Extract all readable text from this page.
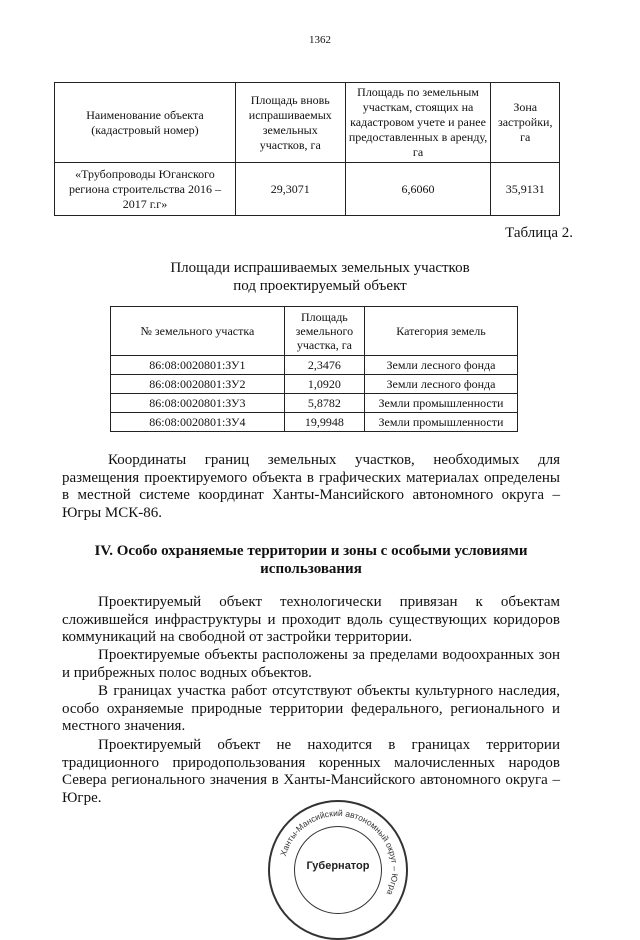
1362
Наименование объекта (кадастровый номер)	Площадь вновь испрашиваемых земельных участков, га	Площадь по земельным участкам, стоящих на кадастровом учете и ранее предоставленных в аренду, га	Зона застройки, га
«Трубопроводы Юганского региона строительства 2016 – 2017 г.г»	29,3071	6,6060	35,9131
Таблица 2.
Площади испрашиваемых земельных участков
под проектируемый объект
№ земельного участка	Площадь земельного участка, га	Категория земель
86:08:0020801:ЗУ1	2,3476	Земли лесного фонда
86:08:0020801:ЗУ2	1,0920	Земли лесного фонда
86:08:0020801:ЗУ3	5,8782	Земли промышленности
86:08:0020801:ЗУ4	19,9948	Земли промышленности

Координаты границ земельных участков, необходимых для размещения проектируемого объекта в графических материалах определены в местной системе координат Ханты-Мансийского автономного округа – Югры МСК-86.

IV. Особо охраняемые территории и зоны с особыми условиями
использования

Проектируемый объект технологически привязан к объектам сложившейся инфраструктуры и проходит вдоль существующих коридоров коммуникаций на свободной от застройки территории.

Проектируемые объекты расположены за пределами водоохранных зон и прибрежных полос водных объектов.

В границах участка работ отсутствуют объекты культурного наследия, особо охраняемые природные территории федерального, регионального и местного значения.

Проектируемый объект не находится в границах территории традиционного природопользования коренных малочисленных народов Севера регионального значения в Ханты-Мансийского автономного округа –Югре.

Ханты-Мансийский автономный округ – Югра
Губернатор
